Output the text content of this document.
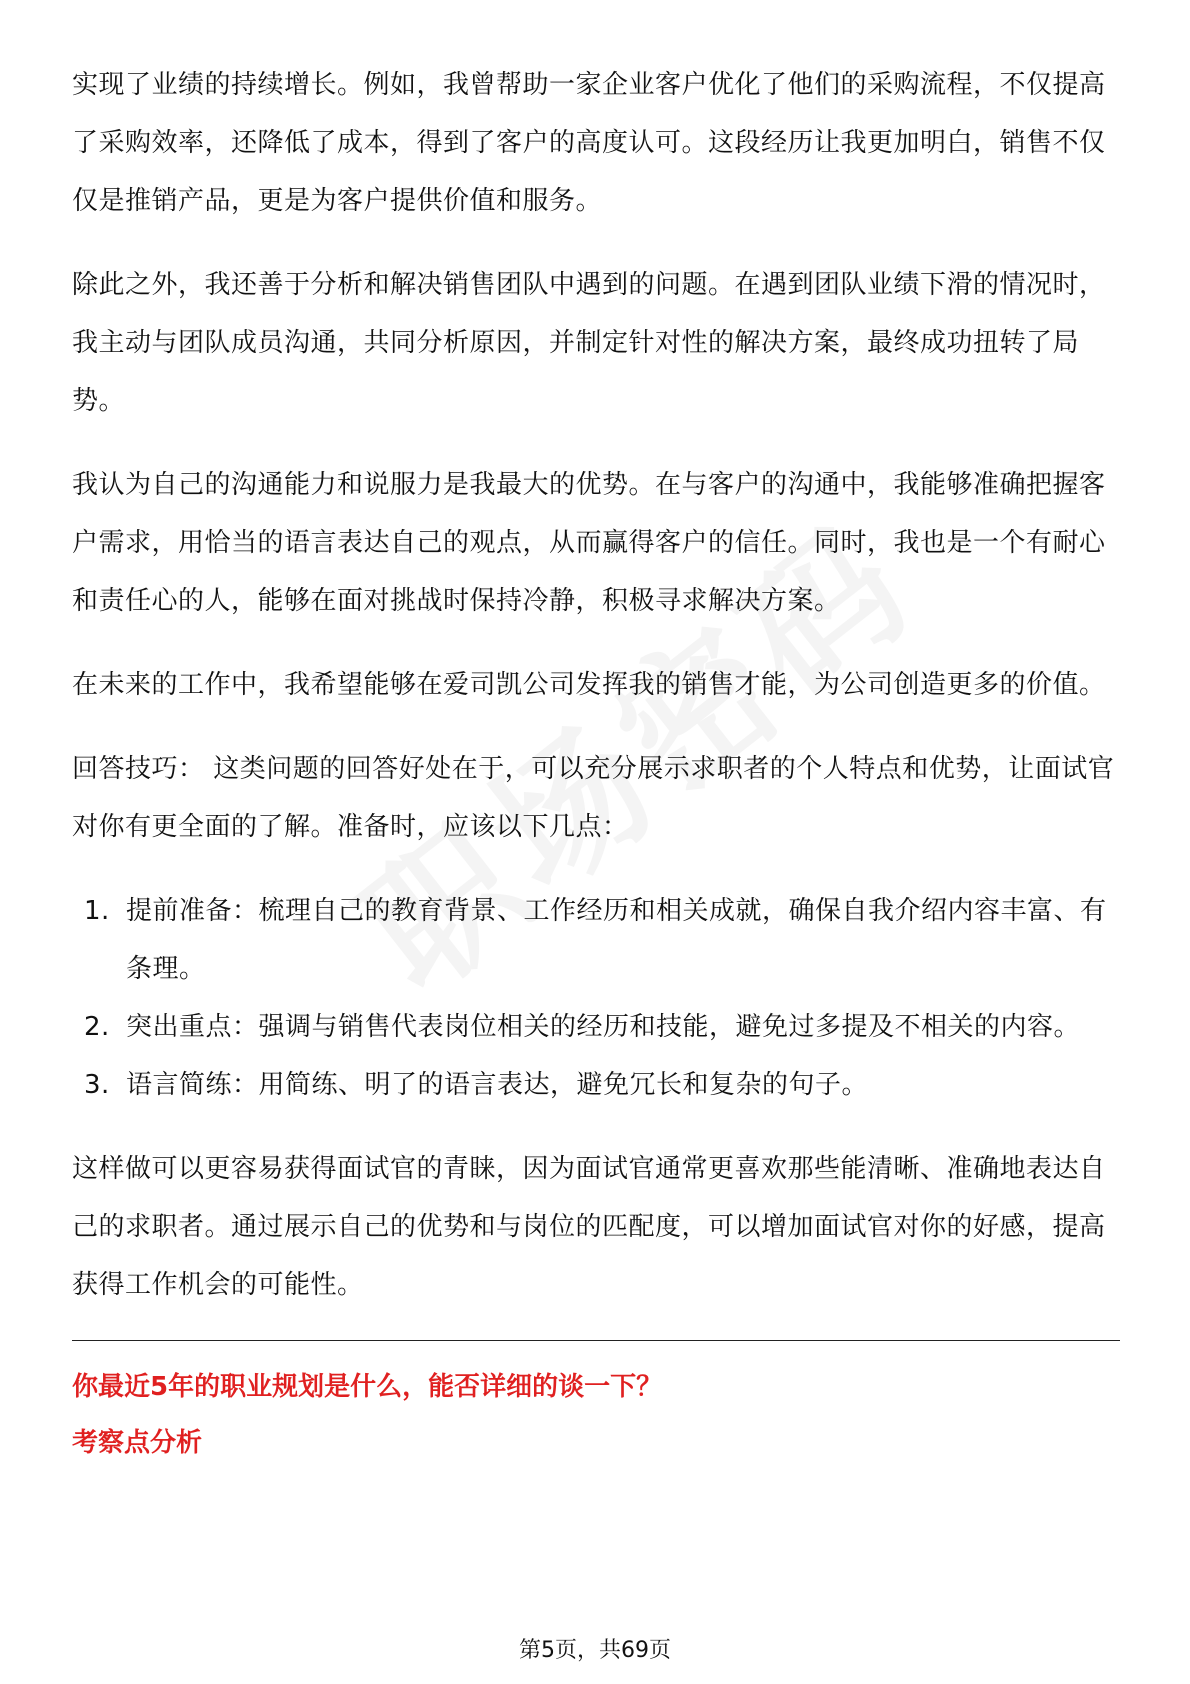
实现了业绩的持续增长。例如，我曾帮助一家企业客户优化了他们的采购流程，不仅提高了采购效率，还降低了成本，得到了客户的高度认可。这段经历让我更加明白，销售不仅仅是推销产品，更是为客户提供价值和服务。

除此之外，我还善于分析和解决销售团队中遇到的问题。在遇到团队业绩下滑的情况时，我主动与团队成员沟通，共同分析原因，并制定针对性的解决方案，最终成功扭转了局势。

我认为自己的沟通能力和说服力是我最大的优势。在与客户的沟通中，我能够准确把握客户需求，用恰当的语言表达自己的观点，从而赢得客户的信任。同时，我也是一个有耐心和责任心的人，能够在面对挑战时保持冷静，积极寻求解决方案。

在未来的工作中，我希望能够在爱司凯公司发挥我的销售才能，为公司创造更多的价值。

回答技巧： 这类问题的回答好处在于，可以充分展示求职者的个人特点和优势，让面试官对你有更全面的了解。准备时，应该以下几点：

1. 提前准备：梳理自己的教育背景、工作经历和相关成就，确保自我介绍内容丰富、有条理。
2. 突出重点：强调与销售代表岗位相关的经历和技能，避免过多提及不相关的内容。
3. 语言简练：用简练、明了的语言表达，避免冗长和复杂的句子。

这样做可以更容易获得面试官的青睐，因为面试官通常更喜欢那些能清晰、准确地表达自己的求职者。通过展示自己的优势和与岗位的匹配度，可以增加面试官对你的好感，提高获得工作机会的可能性。

你最近5年的职业规划是什么，能否详细的谈一下？

考察点分析

第5页，共69页
